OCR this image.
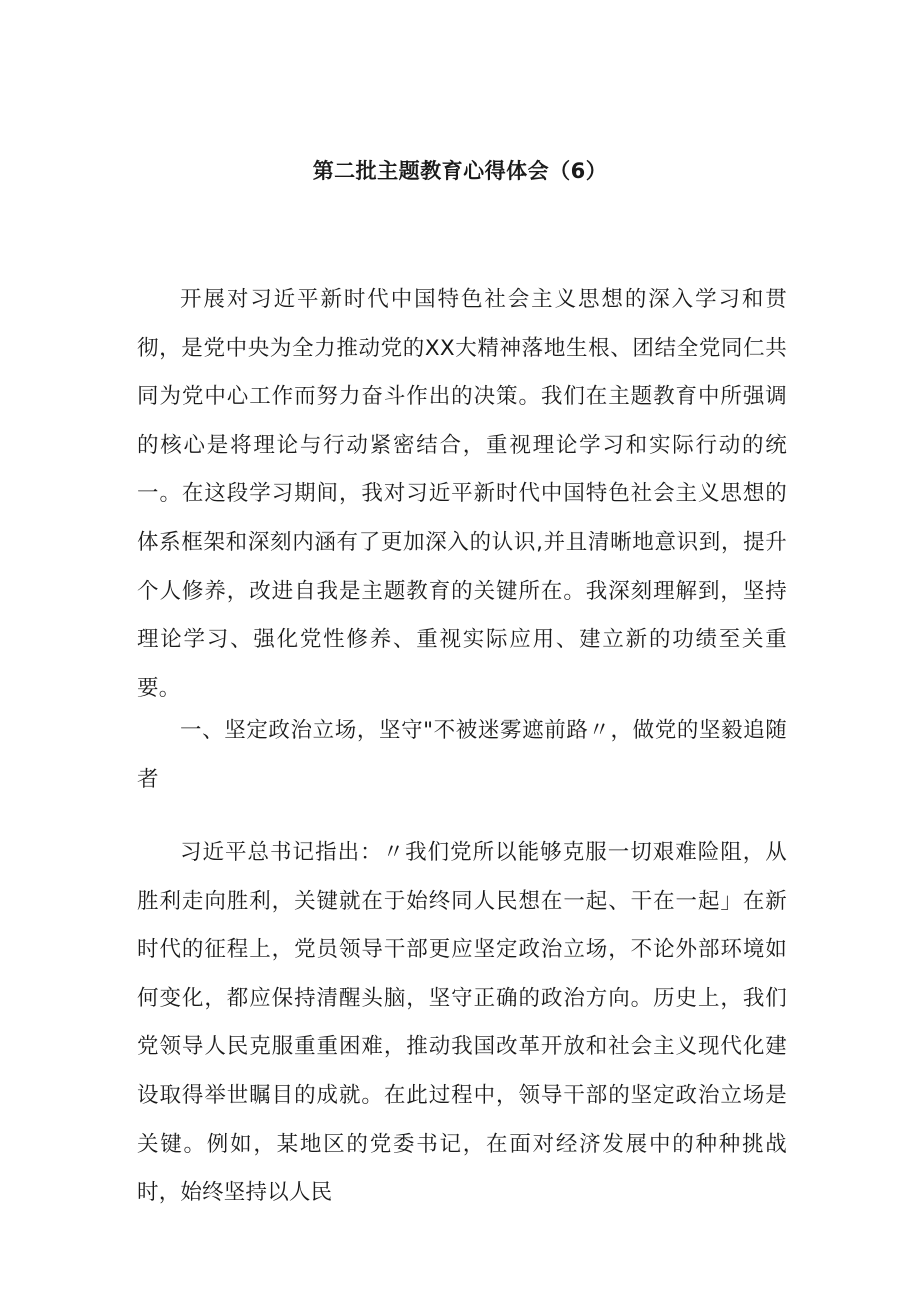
第二批主题教育心得体会（6）

开展对习近平新时代中国特色社会主义思想的深入学习和贯彻，是党中央为全力推动党的XX大精神落地生根、团结全党同仁共同为党中心工作而努力奋斗作出的决策。我们在主题教育中所强调的核心是将理论与行动紧密结合，重视理论学习和实际行动的统一。在这段学习期间，我对习近平新时代中国特色社会主义思想的体系框架和深刻内涵有了更加深入的认识,并且清晰地意识到，提升个人修养，改进自我是主题教育的关键所在。我深刻理解到，坚持理论学习、强化党性修养、重视实际应用、建立新的功绩至关重要。

一、坚定政治立场，坚守"不被迷雾遮前路〃，做党的坚毅追随者

习近平总书记指出：〃我们党所以能够克服一切艰难险阻，从胜利走向胜利，关键就在于始终同人民想在一起、干在一起」在新时代的征程上，党员领导干部更应坚定政治立场，不论外部环境如何变化，都应保持清醒头脑，坚守正确的政治方向。历史上，我们党领导人民克服重重困难，推动我国改革开放和社会主义现代化建设取得举世瞩目的成就。在此过程中，领导干部的坚定政治立场是关键。例如，某地区的党委书记，在面对经济发展中的种种挑战时，始终坚持以人民
